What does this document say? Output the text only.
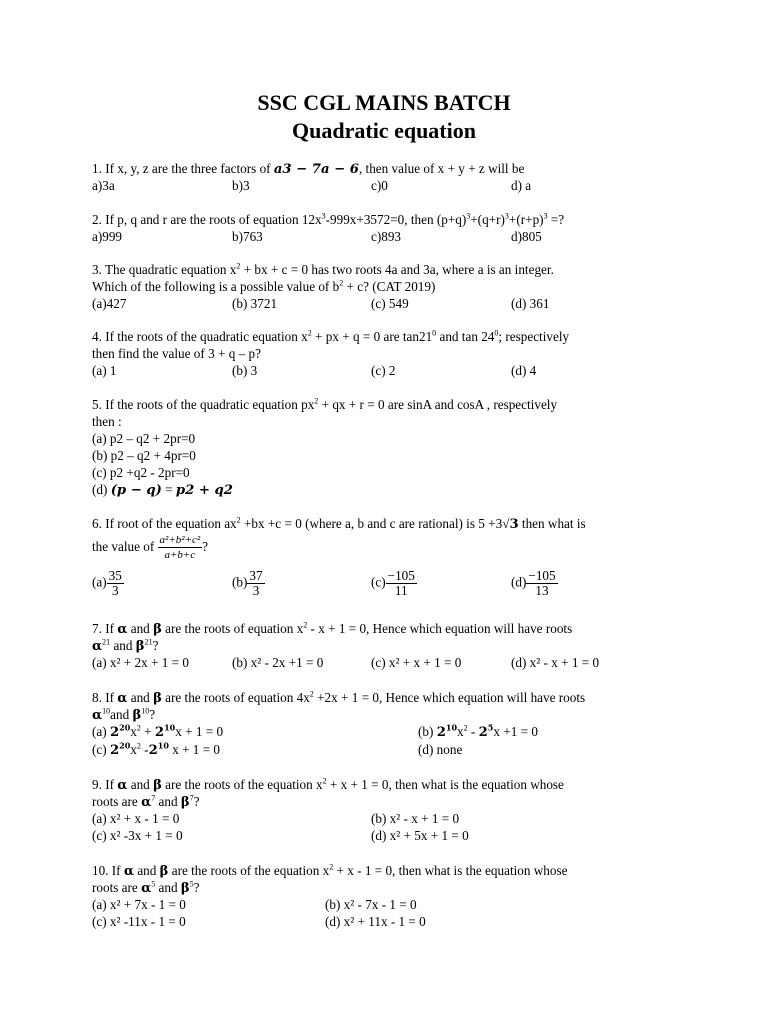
SSC CGL MAINS BATCH
Quadratic equation
1. If x, y, z are the three factors of a3 − 7a − 6, then value of x + y + z will be
a)3a	b)3	c)0	d) a
2. If p, q and r are the roots of equation $12x^3-999x+3572=0$, then $(p+q)^3+(q+r)^3+(r+p)^3$ =?
a)999	b)763	c)893	d)805
3. The quadratic equation $x^2$ + bx + c = 0 has two roots 4a and 3a, where a is an integer.
Which of the following is a possible value of $b^2 + c$? (CAT 2019)
(a)427	(b) 3721	(c) 549	(d) 361
4. If the roots of the quadratic equation $x^2$ + px + q = 0 are $\tan 21^0$ and $\tan 24^0$; respectively
then find the value of 3 + q – p?
(a) 1	(b) 3	(c) 2	(d) 4
5. If the roots of the quadratic equation $px^2$ + qx + r = 0 are sinA and cosA , respectively
then :
(a) p2 – q2 + 2pr=0
(b) p2 – q2 + 4pr=0
(c) p2 +q2 - 2pr=0
(d) (p − q) = p2 + q2
6. If root of the equation $ax^2 +bx +c = 0$ (where a, b and c are rational) is 5 +3√3 then what is
the value of $\frac{\text{a²+b²+c²}}{a+b+c}$ ?
$(a) \frac{35}{3}$	$(b) \frac{37}{3}$	$(c) \frac{-105}{11}$	$(d) \frac{-105}{13}$
7. If α and β are the roots of equation $x^2 - x + 1 = 0$, Hence which equation will have roots
$\alpha^{21}$ and $\beta^{21}$?
(a) x² + 2x + 1 = 0	(b) x² - 2x +1 = 0	(c) x² + x + 1 = 0	(d) x² - x + 1 = 0
8. If α and β are the roots of equation $4x^2 +2x + 1 = 0$, Hence which equation will have roots
$\alpha^{10}and$ $\beta^{10}$?
(a) $2^{20}x^2 + 2^{10}x + 1 = 0$	(b) $2^{10}x^2 - 2^5x +1 = 0$
(c) $2^{20}x^2$ $-2^{10}$ x + 1 = 0	(d) none
9. If α and β are the roots of the equation $x^2 + x + 1 = 0$, then what is the equation whose
roots are $\alpha^7$ and $\beta^7$?
(a) x² + x - 1 = 0	(b) x² - x + 1 = 0
(c) x² -3x + 1 = 0	(d) x² + 5x + 1 = 0
10. If α and β are the roots of the equation $x^2 + x - 1 = 0$, then what is the equation whose
roots are $\alpha^5$ and $\beta^5$?
(a) x² + 7x - 1 = 0	(b) x² - 7x - 1 = 0
(c) x² -11x - 1 = 0	(d) x² + 11x - 1 = 0
